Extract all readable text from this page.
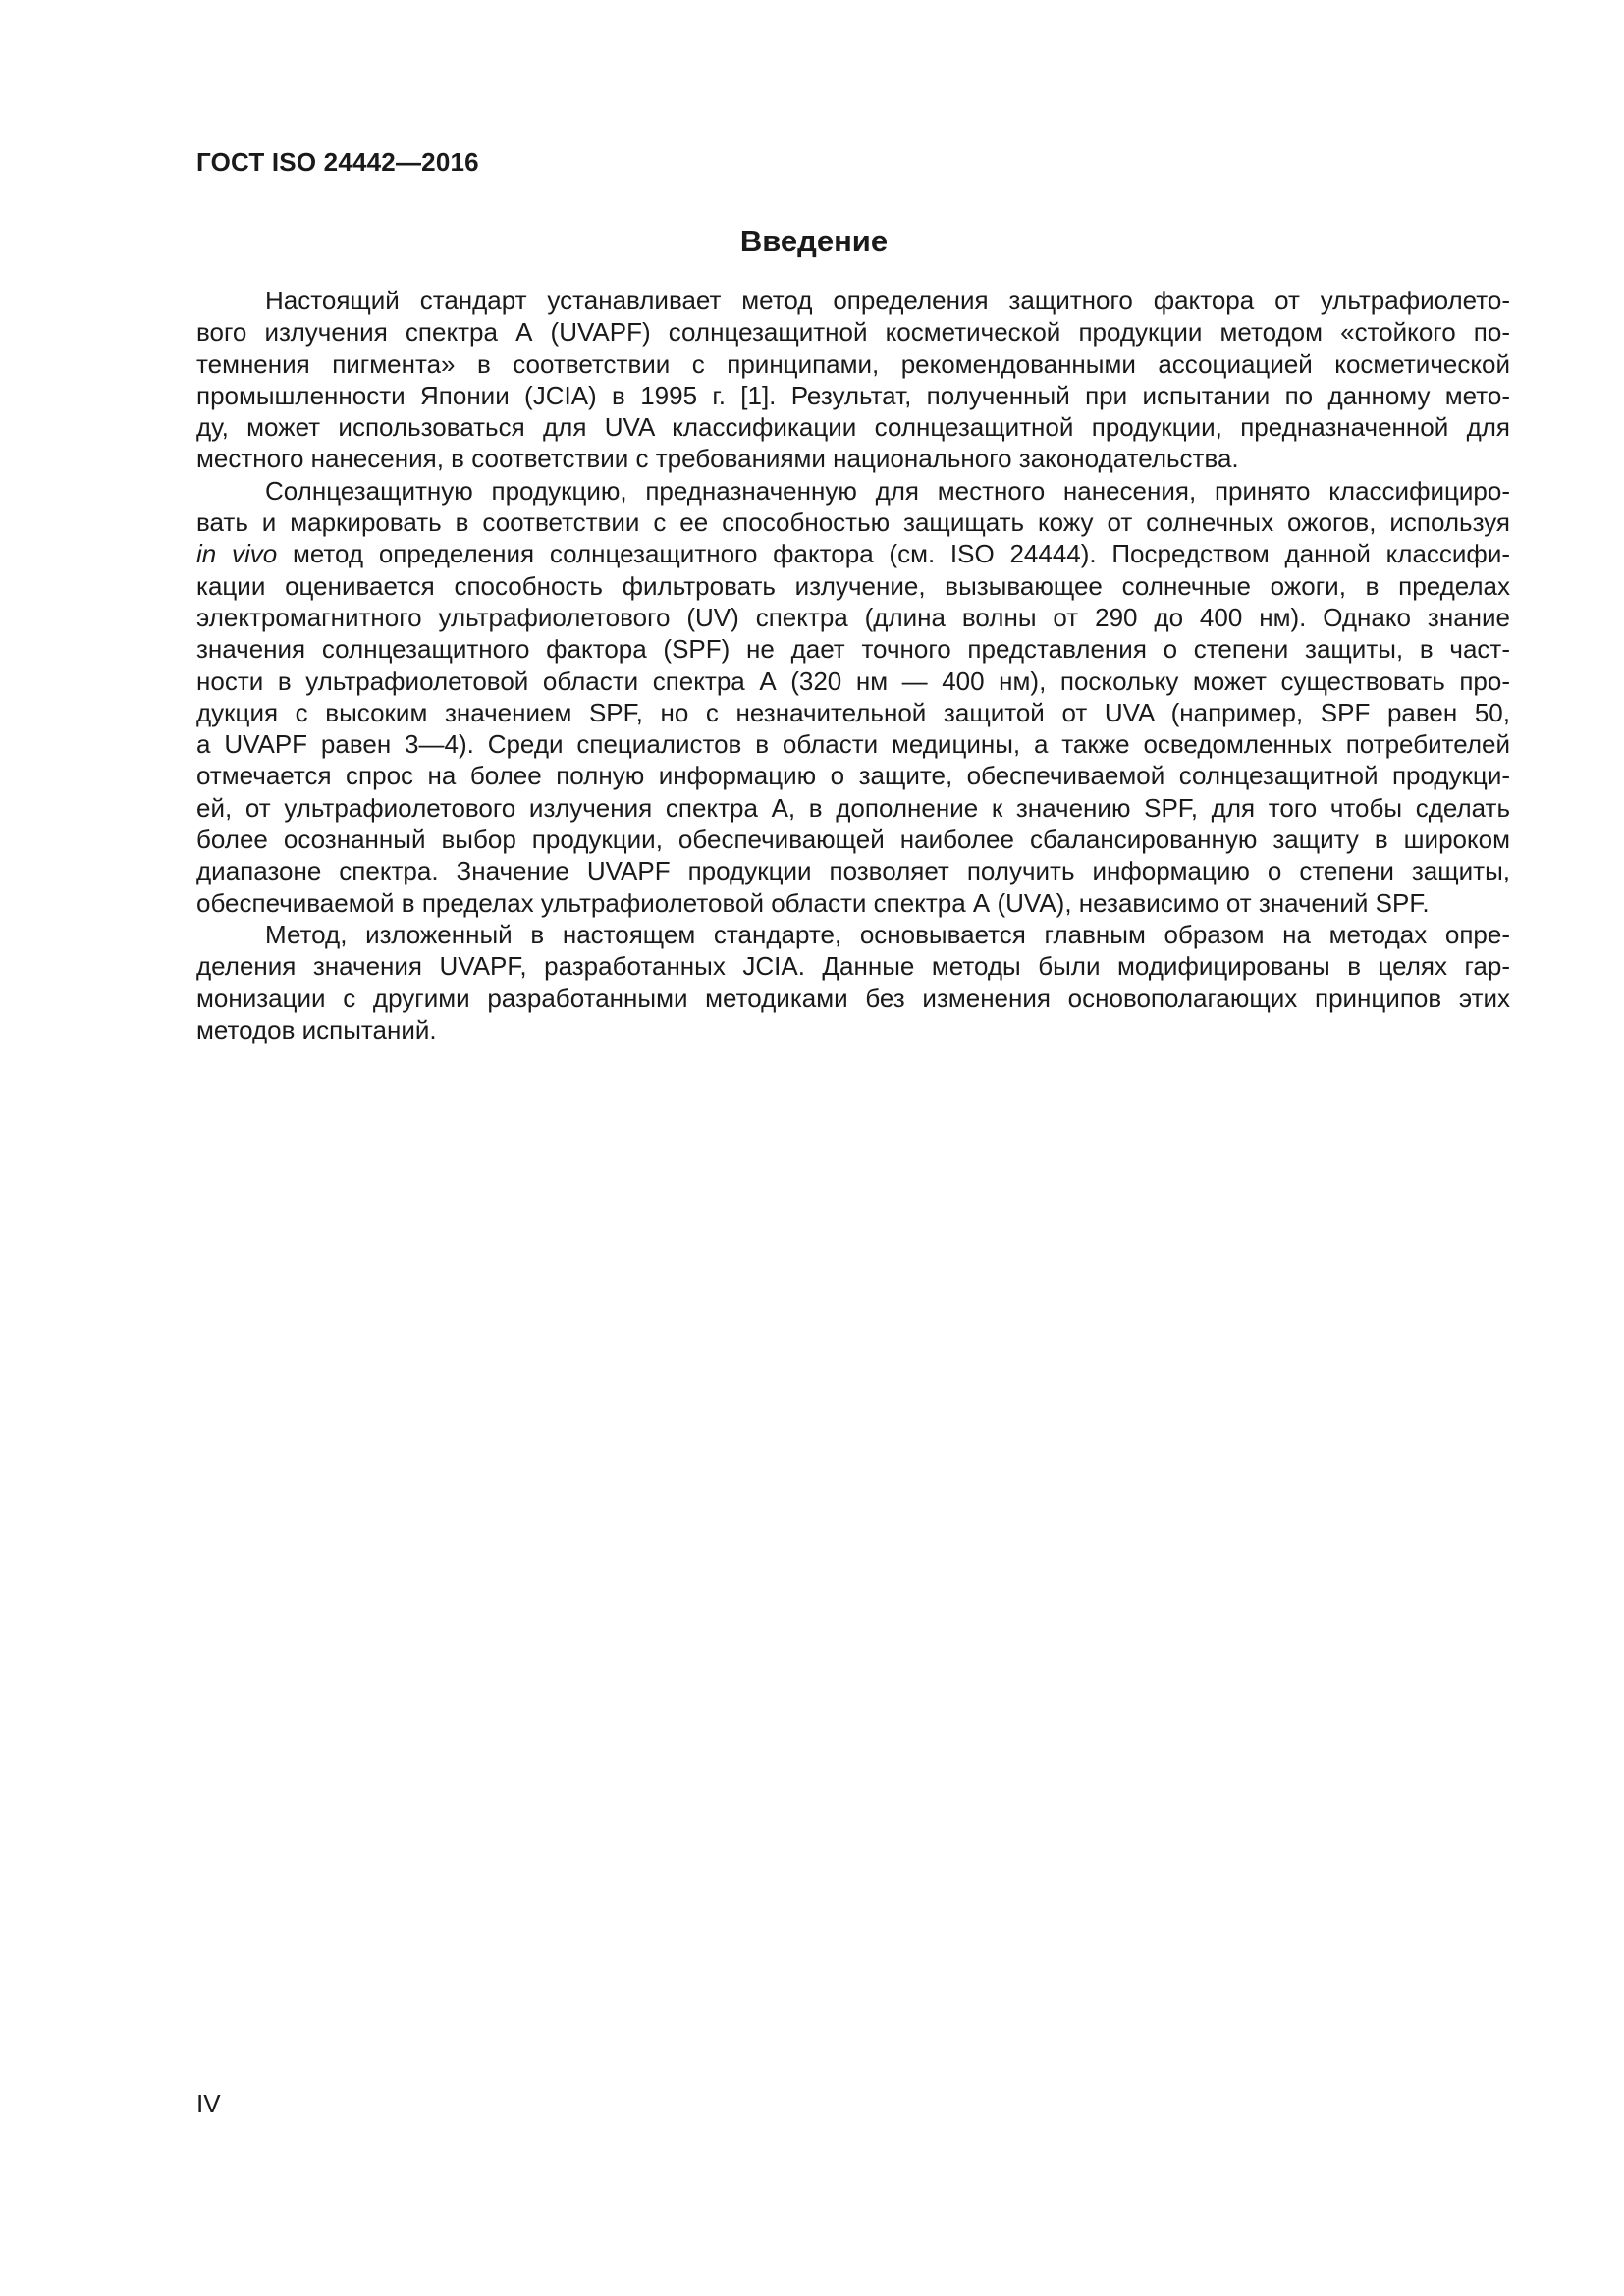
ГОСТ ISO 24442—2016
Введение

Настоящий стандарт устанавливает метод определения защитного фактора от ультрафиолето-
вого излучения спектра А (UVAPF) солнцезащитной косметической продукции методом «стойкого по-
темнения пигмента» в соответствии с принципами, рекомендованными ассоциацией косметической
промышленности Японии (JCIA) в 1995 г. [1]. Результат, полученный при испытании по данному мето-
ду, может использоваться для UVA классификации солнцезащитной продукции, предназначенной для
местного нанесения, в соответствии с требованиями национального законодательства.

Солнцезащитную продукцию, предназначенную для местного нанесения, принято классифициро-
вать и маркировать в соответствии с ее способностью защищать кожу от солнечных ожогов, используя
in vivo метод определения солнцезащитного фактора (см. ISO 24444). Посредством данной классифи-
кации оценивается способность фильтровать излучение, вызывающее солнечные ожоги, в пределах
электромагнитного ультрафиолетового (UV) спектра (длина волны от 290 до 400 нм). Однако знание
значения солнцезащитного фактора (SPF) не дает точного представления о степени защиты, в част-
ности в ультрафиолетовой области спектра А (320 нм — 400 нм), поскольку может существовать про-
дукция с высоким значением SPF, но с незначительной защитой от UVA (например, SPF равен 50,
а UVAPF равен 3—4). Среди специалистов в области медицины, а также осведомленных потребителей
отмечается спрос на более полную информацию о защите, обеспечиваемой солнцезащитной продукци-
ей, от ультрафиолетового излучения спектра А, в дополнение к значению SPF, для того чтобы сделать
более осознанный выбор продукции, обеспечивающей наиболее сбалансированную защиту в широком
диапазоне спектра. Значение UVAPF продукции позволяет получить информацию о степени защиты,
обеспечиваемой в пределах ультрафиолетовой области спектра А (UVA), независимо от значений SPF.

Метод, изложенный в настоящем стандарте, основывается главным образом на методах опре-
деления значения UVAPF, разработанных JCIA. Данные методы были модифицированы в целях гар-
монизации с другими разработанными методиками без изменения основополагающих принципов этих
методов испытаний.

IV
